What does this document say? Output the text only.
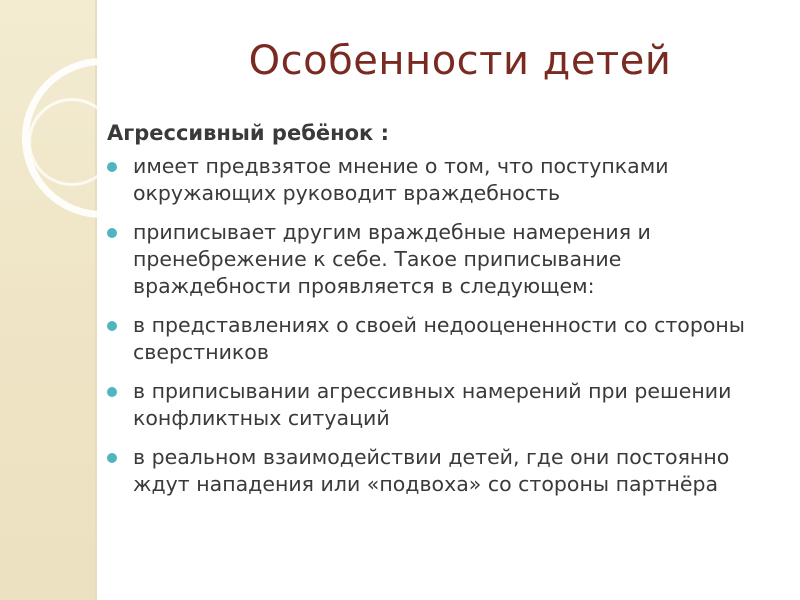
Особенности детей
Агрессивный ребёнок :
имеет предвзятое мнение о том, что поступками окружающих руководит враждебность
приписывает другим враждебные намерения и пренебрежение к себе. Такое приписывание враждебности проявляется в следующем:
в представлениях о своей недооцененности со стороны сверстников
в приписывании агрессивных намерений при решении конфликтных ситуаций
в реальном взаимодействии детей, где они постоянно ждут нападения или «подвоха» со стороны партнёра
